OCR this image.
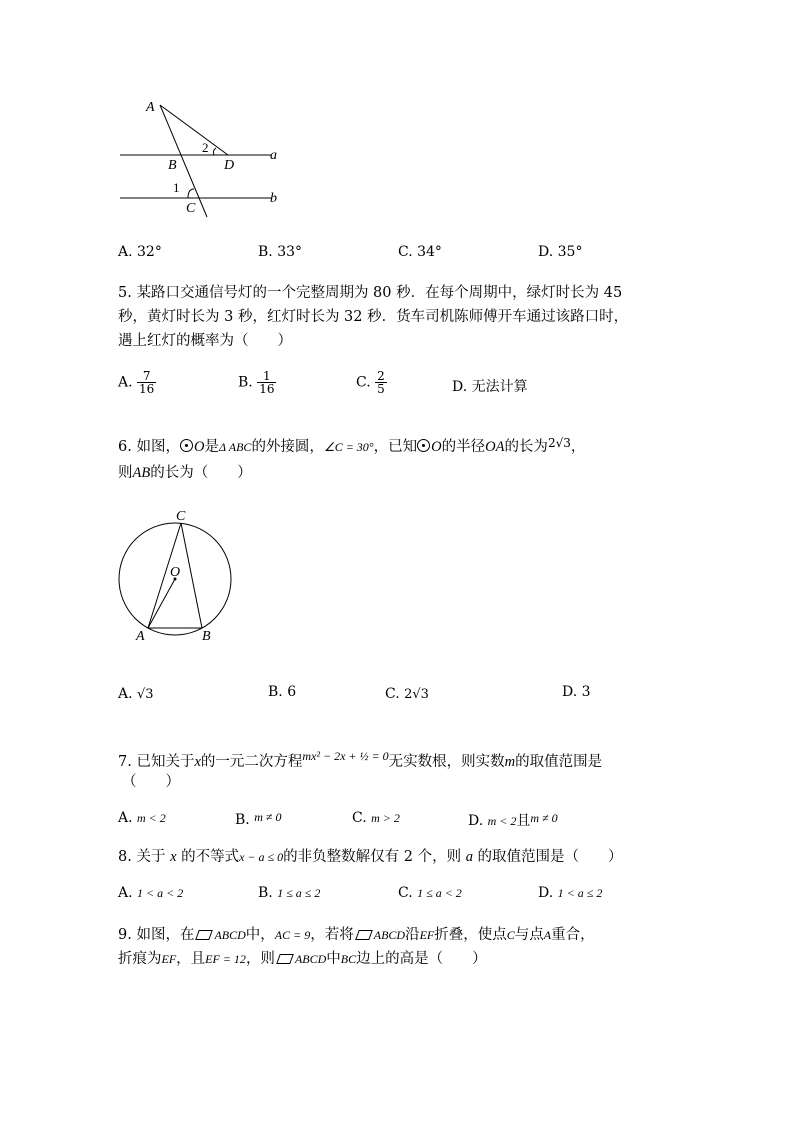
A
B	D
C
a
b
2
1
A. 32°	B. 33°	C. 34°	D. 35°
5. 某路口交通信号灯的一个完整周期为 80 秒．在每个周期中，绿灯时长为 45
秒，黄灯时长为 3 秒，红灯时长为 32 秒．货车司机陈师傅开车通过该路口时，
遇上红灯的概率为（　　）
A. $\frac{7}{16}$	B. $\frac{1}{16}$	C. $\frac{2}{5}$	D. 无法计算
6. 如图， O是Δ ABC的外接圆，∠C = 30°，已知 O的半径OA的长为$^{2√3}$，
则AB的长为（　　）
C
O
A	B
A. √3	B. 6	C. 2√3	D. 3
7. 已知关于x的一元二次方程$^{mx^2 - 2x + \frac{1}{2} = 0}$无实数根，则实数m的取值范围是
（　　）
A. m < 2	B. m ≠ 0	C. m > 2	D. m < 2且m ≠ 0
8. 关于 x 的不等式x − a ≤ 0的非负整数解仅有 2 个，则 a 的取值范围是（　　）
A. 1 < a < 2	B. 1 ≤ a ≤ 2	C. 1 ≤ a < 2	D. 1 < a ≤ 2
9. 如图，在 ABCD中，AC = 9，若将 ABCD沿EF折叠，使点C与点A重合，
折痕为EF，且EF = 12，则 ABCD中BC边上的高是（　　）
